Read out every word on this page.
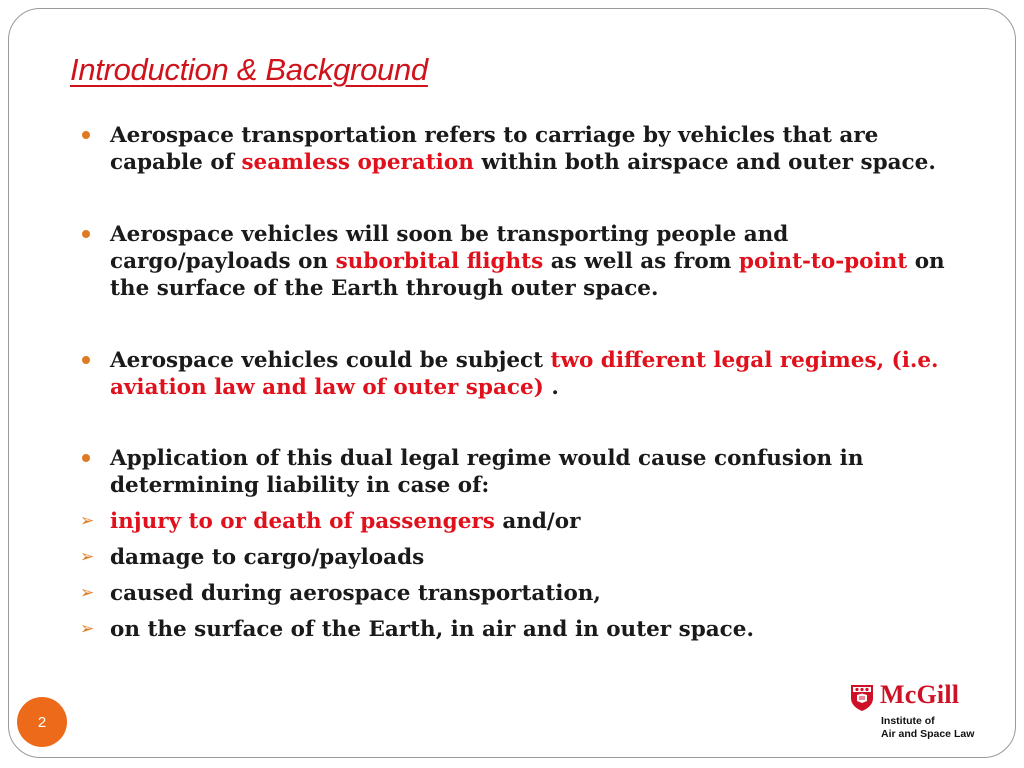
Introduction & Background

Aerospace transportation refers to carriage by vehicles that are capable of seamless operation within both airspace and outer space.

Aerospace vehicles will soon be transporting people and cargo/payloads on suborbital flights as well as from point-to-point on the surface of the Earth through outer space.

Aerospace vehicles could be subject two different legal regimes, (i.e. aviation law and law of outer space) .

Application of this dual legal regime would cause confusion in determining liability in case of:

➢ injury to or death of passengers and/or
➢ damage to cargo/payloads
➢ caused during aerospace transportation,
➢ on the surface of the Earth, in air and in outer space.
2
McGill
Institute of
Air and Space Law
